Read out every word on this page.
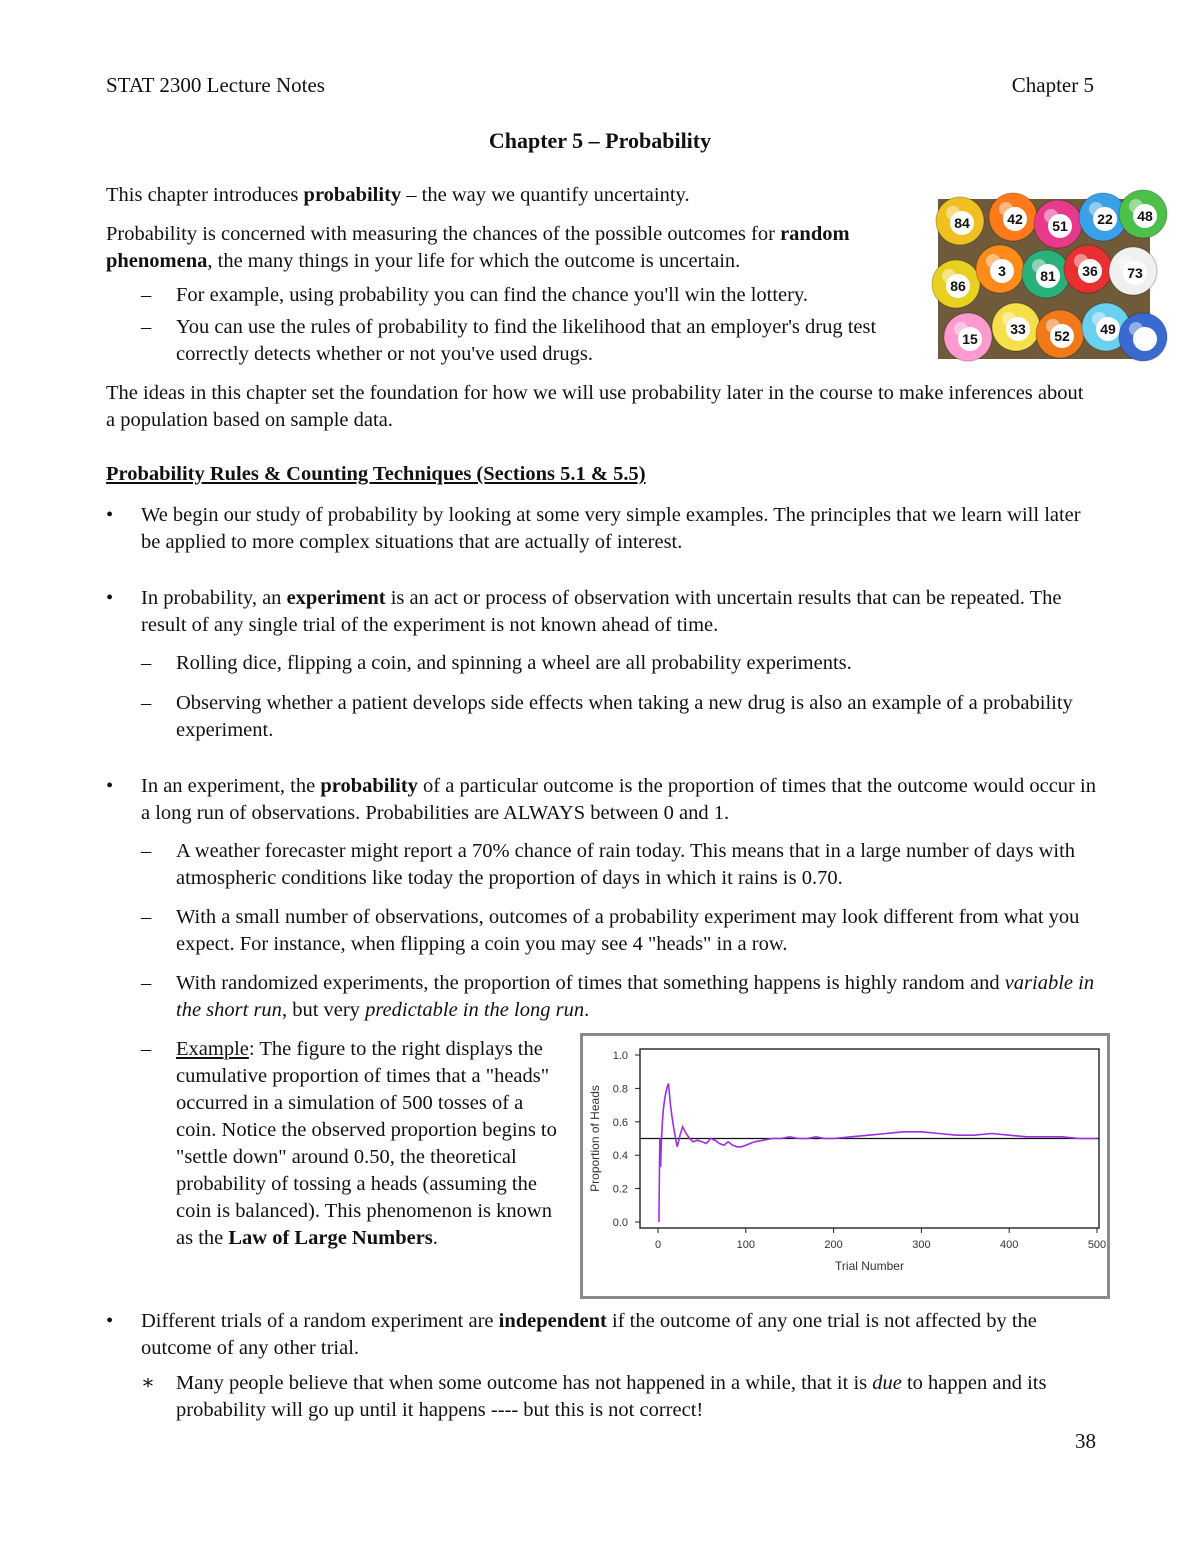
STAT 2300 Lecture Notes	Chapter 5
Chapter 5 – Probability

This chapter introduces probability – the way we quantify uncertainty.

Probability is concerned with measuring the chances of the possible outcomes for random phenomena, the many things in your life for which the outcome is uncertain.

–	For example, using probability you can find the chance you'll win the lottery.
–	You can use the rules of probability to find the likelihood that an employer's drug test correctly detects whether or not you've used drugs.
84	42 51 22 48
86
3 81 36 73
15
33 52 49

The ideas in this chapter set the foundation for how we will use probability later in the course to make inferences about a population based on sample data.

Probability Rules & Counting Techniques (Sections 5.1 & 5.5)
•	We begin our study of probability by looking at some very simple examples. The principles that we learn will later be applied to more complex situations that are actually of interest.
•	In probability, an experiment is an act or process of observation with uncertain results that can be repeated. The result of any single trial of the experiment is not known ahead of time.
–	Rolling dice, flipping a coin, and spinning a wheel are all probability experiments.
–	Observing whether a patient develops side effects when taking a new drug is also an example of a probability experiment.
•	In an experiment, the probability of a particular outcome is the proportion of times that the outcome would occur in a long run of observations. Probabilities are ALWAYS between 0 and 1.
–	A weather forecaster might report a 70% chance of rain today. This means that in a large number of days with atmospheric conditions like today the proportion of days in which it rains is 0.70.
–	With a small number of observations, outcomes of a probability experiment may look different from what you expect. For instance, when flipping a coin you may see 4 "heads" in a row.
–	With randomized experiments, the proportion of times that something happens is highly random and variable in the short run, but very predictable in the long run.
–	Example: The figure to the right displays the cumulative proportion of times that a "heads" occurred in a simulation of 500 tosses of a coin. Notice the observed proportion begins to "settle down" around 0.50, the theoretical probability of tossing a heads (assuming the coin is balanced). This phenomenon is known as the Law of Large Numbers.
0.0
0.2
0.4
0.6
0.8
1.0
0	100	200	300	400	500
Trial Number
Proportion of Heads
•	Different trials of a random experiment are independent if the outcome of any one trial is not affected by the outcome of any other trial.
∗	Many people believe that when some outcome has not happened in a while, that it is due to happen and its probability will go up until it happens ---- but this is not correct!
38
